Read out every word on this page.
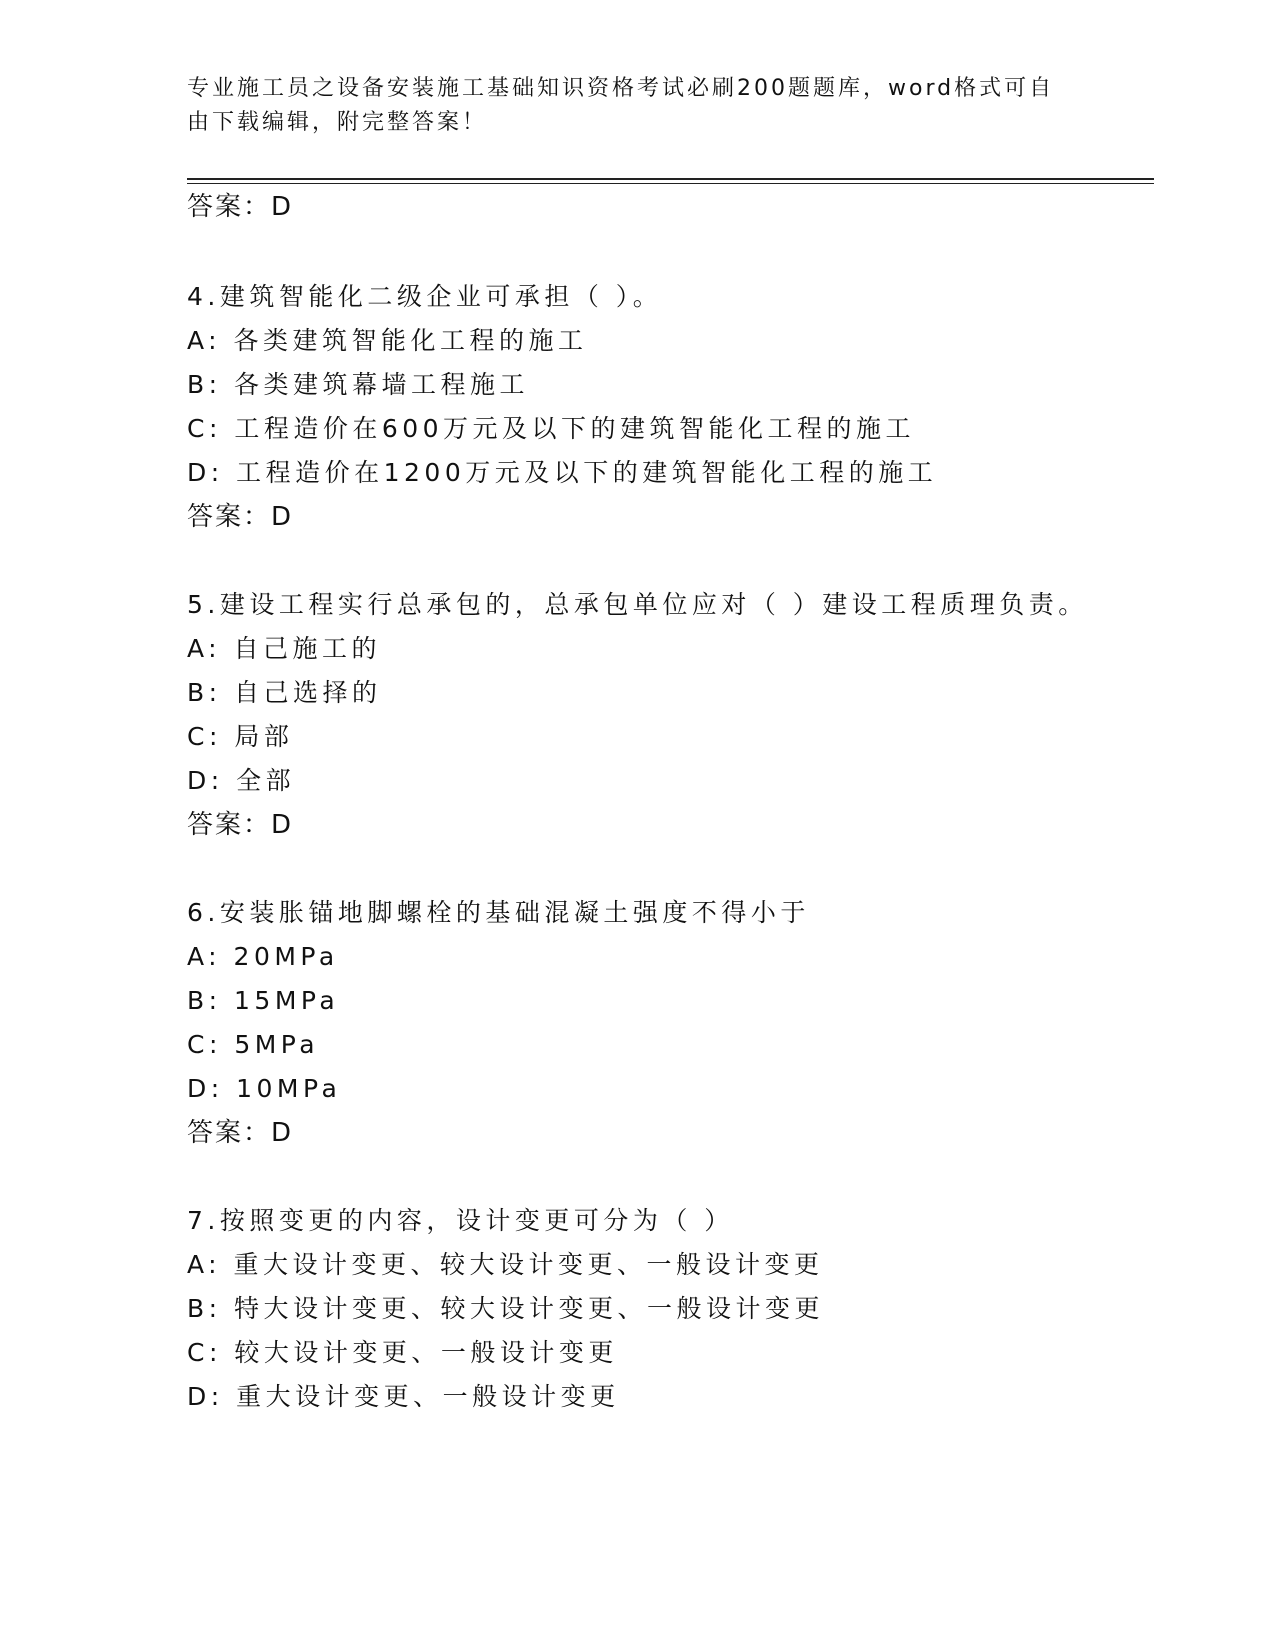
专业施工员之设备安装施工基础知识资格考试必刷200题题库，word格式可自由下载编辑，附完整答案！
答案：D
4.建筑智能化二级企业可承担（ ）。
A: 各类建筑智能化工程的施工
B: 各类建筑幕墙工程施工
C: 工程造价在600万元及以下的建筑智能化工程的施工
D: 工程造价在1200万元及以下的建筑智能化工程的施工
答案：D
5.建设工程实行总承包的，总承包单位应对（ ）建设工程质理负责。
A: 自己施工的
B: 自己选择的
C: 局部
D: 全部
答案：D
6.安装胀锚地脚螺栓的基础混凝土强度不得小于
A: 20MPa
B: 15MPa
C: 5MPa
D: 10MPa
答案：D
7.按照变更的内容，设计变更可分为（ ）
A: 重大设计变更、较大设计变更、一般设计变更
B: 特大设计变更、较大设计变更、一般设计变更
C: 较大设计变更、一般设计变更
D: 重大设计变更、一般设计变更
